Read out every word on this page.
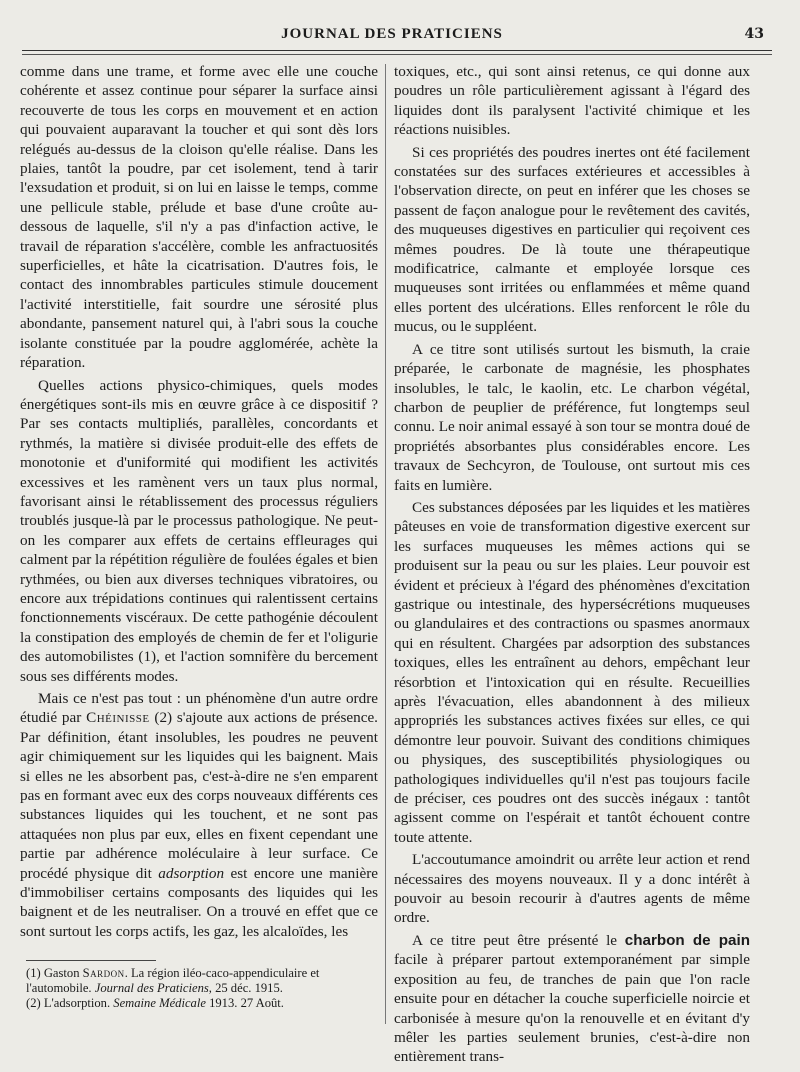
JOURNAL DES PRATICIENS	43

comme dans une trame, et forme avec elle une couche cohérente et assez continue pour séparer la surface ainsi recouverte de tous les corps en mouvement et en action qui pouvaient auparavant la toucher et qui sont dès lors relégués au-dessus de la cloison qu'elle réalise. Dans les plaies, tantôt la poudre, par cet isolement, tend à tarir l'exsudation et produit, si on lui en laisse le temps, comme une pellicule stable, prélude et base d'une croûte au-dessous de laquelle, s'il n'y a pas d'infaction active, le travail de réparation s'accélère, comble les anfractuosités superficielles, et hâte la cicatrisation. D'autres fois, le contact des innombrables particules stimule doucement l'activité interstitielle, fait sourdre une sérosité plus abondante, pansement naturel qui, à l'abri sous la couche isolante constituée par la poudre agglomérée, achète la réparation.

Quelles actions physico-chimiques, quels modes énergétiques sont-ils mis en œuvre grâce à ce dispositif ? Par ses contacts multipliés, parallèles, concordants et rythmés, la matière si divisée produit-elle des effets de monotonie et d'uniformité qui modifient les activités excessives et les ramènent vers un taux plus normal, favorisant ainsi le rétablissement des processus réguliers troublés jusque-là par le processus pathologique. Ne peut-on les comparer aux effets de certains effleurages qui calment par la répétition régulière de foulées égales et bien rythmées, ou bien aux diverses techniques vibratoires, ou encore aux trépidations continues qui ralentissent certains fonctionnements viscéraux. De cette pathogénie découlent la constipation des employés de chemin de fer et l'oligurie des automobilistes (1), et l'action somnifère du bercement sous ses différents modes.

Mais ce n'est pas tout : un phénomène d'un autre ordre étudié par Chéinisse (2) s'ajoute aux actions de présence. Par définition, étant insolubles, les poudres ne peuvent agir chimiquement sur les liquides qui les baignent. Mais si elles ne les absorbent pas, c'est-à-dire ne s'en emparent pas en formant avec eux des corps nouveaux différents ces substances liquides qui les touchent, et ne sont pas attaquées non plus par eux, elles en fixent cependant une partie par adhérence moléculaire à leur surface. Ce procédé physique dit adsorption est encore une manière d'immobiliser certains composants des liquides qui les baignent et de les neutraliser. On a trouvé en effet que ce sont surtout les corps actifs, les gaz, les alcaloïdes, les

toxiques, etc., qui sont ainsi retenus, ce qui donne aux poudres un rôle particulièrement agissant à l'égard des liquides dont ils paralysent l'activité chimique et les réactions nuisibles.

Si ces propriétés des poudres inertes ont été facilement constatées sur des surfaces extérieures et accessibles à l'observation directe, on peut en inférer que les choses se passent de façon analogue pour le revêtement des cavités, des muqueuses digestives en particulier qui reçoivent ces mêmes poudres. De là toute une thérapeutique modificatrice, calmante et employée lorsque ces muqueuses sont irritées ou enflammées et même quand elles portent des ulcérations. Elles renforcent le rôle du mucus, ou le suppléent.

A ce titre sont utilisés surtout les bismuth, la craie préparée, le carbonate de magnésie, les phosphates insolubles, le talc, le kaolin, etc. Le charbon végétal, charbon de peuplier de préférence, fut longtemps seul connu. Le noir animal essayé à son tour se montra doué de propriétés absorbantes plus considérables encore. Les travaux de Sechcyron, de Toulouse, ont surtout mis ces faits en lumière.

Ces substances déposées par les liquides et les matières pâteuses en voie de transformation digestive exercent sur les surfaces muqueuses les mêmes actions qui se produisent sur la peau ou sur les plaies. Leur pouvoir est évident et précieux à l'égard des phénomènes d'excitation gastrique ou intestinale, des hypersécrétions muqueuses ou glandulaires et des contractions ou spasmes anormaux qui en résultent. Chargées par adsorption des substances toxiques, elles les entraînent au dehors, empêchant leur résorbtion et l'intoxication qui en résulte. Recueillies après l'évacuation, elles abandonnent à des milieux appropriés les substances actives fixées sur elles, ce qui démontre leur pouvoir. Suivant des conditions chimiques ou physiques, des susceptibilités physiologiques ou pathologiques individuelles qu'il n'est pas toujours facile de préciser, ces poudres ont des succès inégaux : tantôt agissent comme on l'espérait et tantôt échouent contre toute attente.

L'accoutumance amoindrit ou arrête leur action et rend nécessaires des moyens nouveaux. Il y a donc intérêt à pouvoir au besoin recourir à d'autres agents de même ordre.

A ce titre peut être présenté le charbon de pain facile à préparer partout extemporanément par simple exposition au feu, de tranches de pain que l'on racle ensuite pour en détacher la couche superficielle noircie et carbonisée à mesure qu'on la renouvelle et en évitant d'y mêler les parties seulement brunies, c'est-à-dire non entièrement trans-

(1) Gaston Sardon. La région iléo-caco-appendiculaire et l'automobile. Journal des Praticiens, 25 déc. 1915.
(2) L'adsorption. Semaine Médicale 1913. 27 Août.
